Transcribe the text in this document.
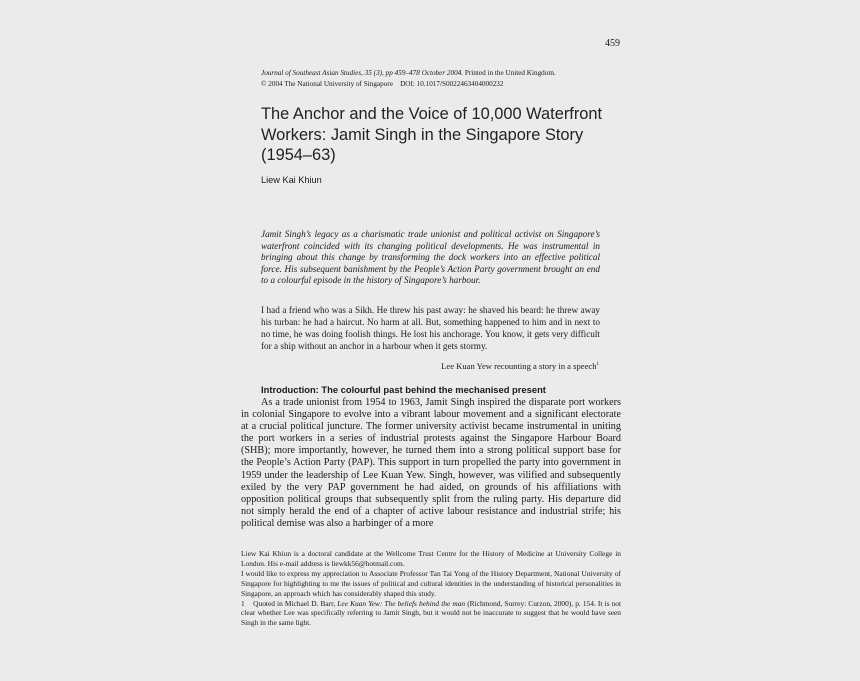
459
Journal of Southeast Asian Studies, 35 (3), pp 459–478 October 2004. Printed in the United Kingdom.
© 2004 The National University of Singapore    DOI: 10.1017/S0022463404000232
The Anchor and the Voice of 10,000 Waterfront Workers: Jamit Singh in the Singapore Story (1954–63)
Liew Kai Khiun
Jamit Singh’s legacy as a charismatic trade unionist and political activist on Singapore’s waterfront coincided with its changing political developments. He was instrumental in bringing about this change by transforming the dock workers into an effective political force. His subsequent banishment by the People’s Action Party government brought an end to a colourful episode in the history of Singapore’s harbour.
I had a friend who was a Sikh. He threw his past away: he shaved his beard: he threw away his turban: he had a haircut. No harm at all. But, something happened to him and in next to no time, he was doing foolish things. He lost his anchorage. You know, it gets very difficult for a ship without an anchor in a harbour when it gets stormy.
Lee Kuan Yew recounting a story in a speech$^1$
Introduction: The colourful past behind the mechanised present

As a trade unionist from 1954 to 1963, Jamit Singh inspired the disparate port workers in colonial Singapore to evolve into a vibrant labour movement and a significant electorate at a crucial political juncture. The former university activist became instrumental in uniting the port workers in a series of industrial protests against the Singapore Harbour Board (SHB); more importantly, however, he turned them into a strong political support base for the People’s Action Party (PAP). This support in turn propelled the party into government in 1959 under the leadership of Lee Kuan Yew. Singh, however, was vilified and subsequently exiled by the very PAP government he had aided, on grounds of his affiliations with opposition political groups that subsequently split from the ruling party. His departure did not simply herald the end of a chapter of active labour resistance and industrial strife; his political demise was also a harbinger of a more

Liew Kai Khiun is a doctoral candidate at the Wellcome Trust Centre for the History of Medicine at University College in London. His e-mail address is liewkk56@hotmail.com.

I would like to express my appreciation to Associate Professor Tan Tai Yong of the History Department, National University of Singapore for highlighting to me the issues of political and cultural identities in the understanding of historical personalities in Singapore, an approach which has considerably shaped this study.

1 Quoted in Michael D. Barr, Lee Kuan Yew: The beliefs behind the man (Richmond, Surrey: Curzon, 2000), p. 154. It is not clear whether Lee was specifically referring to Jamit Singh, but it would not be inaccurate to suggest that he would have seen Singh in the same light.
